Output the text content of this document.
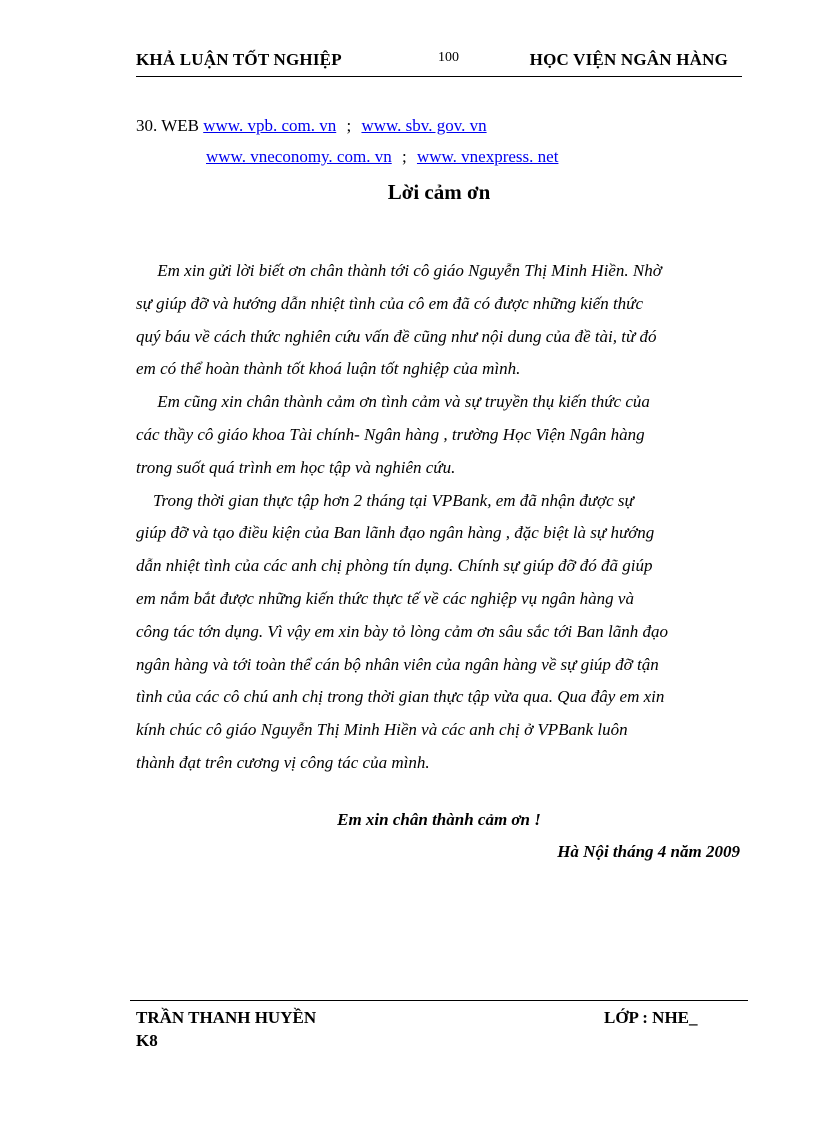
KHẢ LUẬN TỐT NGHIỆP	100	HỌC VIỆN NGÂN HÀNG
30. WEB www. vpb. com. vn ; www. sbv. gov. vn
www. vneconomy. com. vn ; www. vnexpress. net
Lời cảm ơn

Em xin gửi lời biết ơn chân thành tới cô giáo Nguyễn Thị Minh Hiền. Nhờ
sự giúp đỡ và hướng dẫn nhiệt tình của cô em đã có được những kiến thức
quý báu về cách thức nghiên cứu vấn đề cũng như nội dung của đề tài, từ đó
em có thể hoàn thành tốt khoá luận tốt nghiệp của mình.

Em cũng xin chân thành cảm ơn tình cảm và sự truyền thụ kiến thức của
các thầy cô giáo khoa Tài chính- Ngân hàng , trường Học Viện Ngân hàng
trong suốt quá trình em học tập và nghiên cứu.

Trong thời gian thực tập hơn 2 tháng tại VPBank, em đã nhận được sự
giúp đỡ và tạo điều kiện của Ban lãnh đạo ngân hàng , đặc biệt là sự hướng
dẫn nhiệt tình của các anh chị phòng tín dụng. Chính sự giúp đỡ đó đã giúp
em nắm bắt được những kiến thức thực tế về các nghiệp vụ ngân hàng và
công tác tớn dụng. Vì vậy em xin bày tỏ lòng cảm ơn sâu sắc tới Ban lãnh đạo
ngân hàng và tới toàn thể cán bộ nhân viên của ngân hàng về sự giúp đỡ tận
tình của các cô chú anh chị trong thời gian thực tập vừa qua. Qua đây em xin
kính chúc cô giáo Nguyễn Thị Minh Hiền và các anh chị ở VPBank luôn
thành đạt trên cương vị công tác của mình.

Em xin chân thành cảm ơn !
Hà Nội tháng 4 năm 2009
TRẦN THANH HUYỀN	LỚP : NHE_
K8
